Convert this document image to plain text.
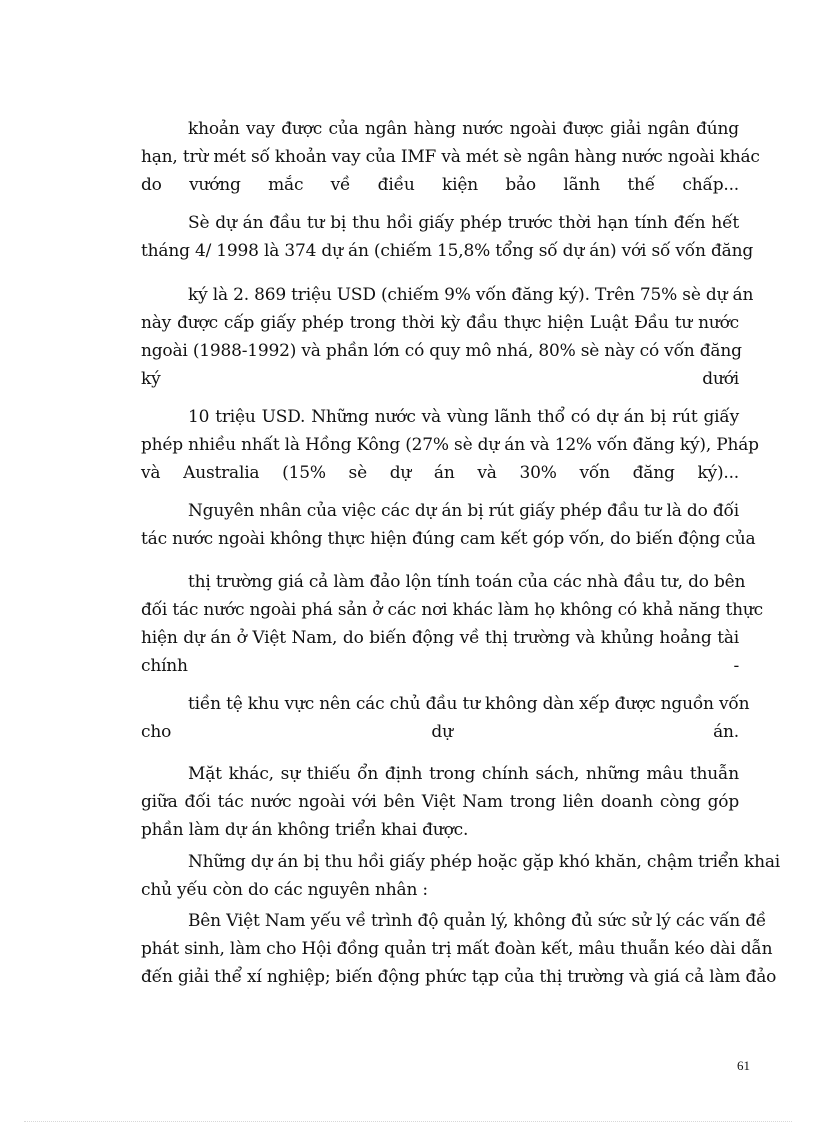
khoản vay được của ngân hàng nước ngoài được giải ngân đúng
hạn, trừ mét số khoản vay của IMF và mét sè ngân hàng nước ngoài khác
do vướng mắc về điều kiện bảo lãnh thế chấp...
Sè dự án đầu tư bị thu hồi giấy phép trước thời hạn tính đến hết
tháng 4/ 1998 là 374 dự án (chiếm 15,8% tổng số dự án) với số vốn đăng
ký là 2. 869 triệu USD (chiếm 9% vốn đăng ký). Trên 75% sè dự án
này được cấp giấy phép trong thời kỳ đầu thực hiện Luật Đầu tư nước
ngoài (1988-1992) và phần lớn có quy mô nhá, 80% sè này có vốn đăng
ký dưới
10 triệu USD. Những nước và vùng lãnh thổ có dự án bị rút giấy
phép nhiều nhất là Hồng Kông (27% sè dự án và 12% vốn đăng ký), Pháp
và Australia (15% sè dự án và 30% vốn đăng ký)...
Nguyên nhân của việc các dự án bị rút giấy phép đầu tư là do đối
tác nước ngoài không thực hiện đúng cam kết góp vốn, do biến động của
thị trường giá cả làm đảo lộn tính toán của các nhà đầu tư, do bên
đối tác nước ngoài phá sản ở các nơi khác làm họ không có khả năng thực
hiện dự án ở Việt Nam, do biến động về thị trường và khủng hoảng tài
chính -
tiền tệ khu vực nên các chủ đầu tư không dàn xếp được nguồn vốn
cho dự án.
Mặt khác, sự thiếu ổn định trong chính sách, những mâu thuẫn
giữa đối tác nước ngoài với bên Việt Nam trong liên doanh còng góp
phần làm dự án không triển khai được.
Những dự án bị thu hồi giấy phép hoặc gặp khó khăn, chậm triển khai
chủ yếu còn do các nguyên nhân :
Bên Việt Nam yếu về trình độ quản lý, không đủ sức sử lý các vấn đề
phát sinh, làm cho Hội đồng quản trị mất đoàn kết, mâu thuẫn kéo dài dẫn
đến giải thể xí nghiệp; biến động phức tạp của thị trường và giá cả làm đảo
61
